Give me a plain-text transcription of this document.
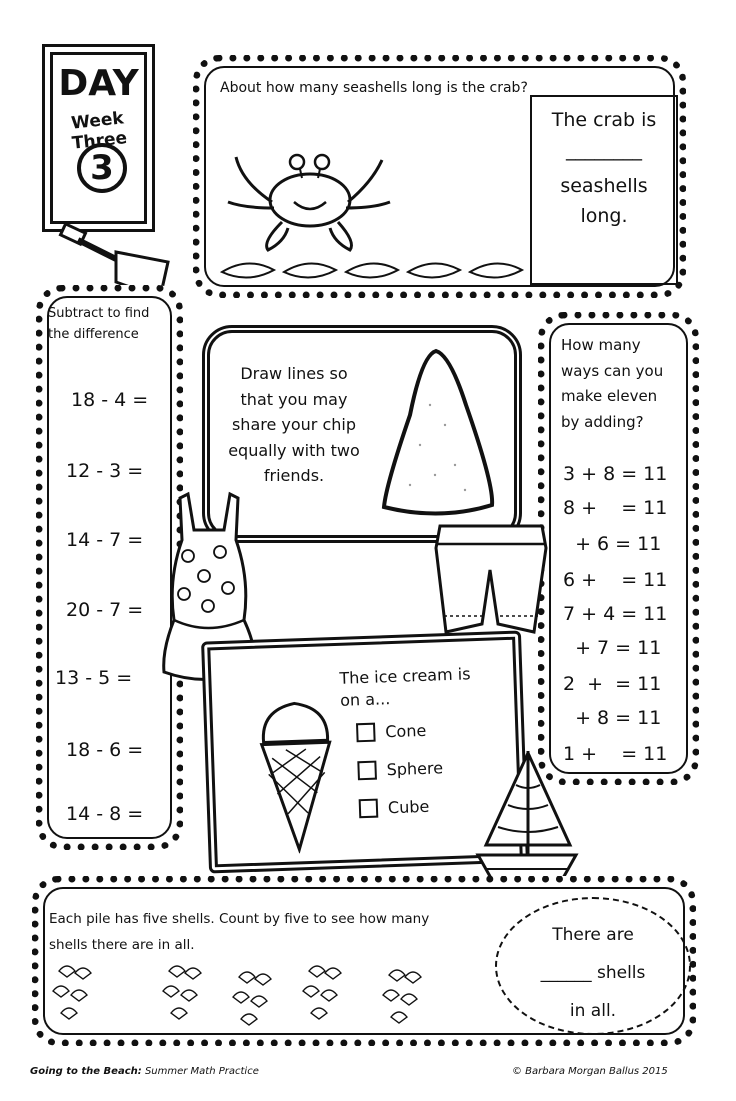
DAY
Week Three
3
About how many seashells long is the crab?
The crab is
________
seashells
long.
Subtract to find
the difference
18 - 4 =
12 - 3 =
14 - 7 =
20 - 7 =
13 - 5 =
18 - 6 =
14 - 8 =
Draw lines so
that you may
share your chip
equally with two
friends.
How many
ways can you
make eleven
by adding?
3 + 8 = 11
8 +    = 11
+ 6 = 11
6 +    = 11
7 + 4 = 11
+ 7 = 11
2  +  = 11
+ 8 = 11
1 +    = 11
The ice cream is
on a...
Cone
Sphere
Cube
Each pile has five shells. Count by five to see how many
shells there are in all.	There are
______ shells
in all.
Going to the Beach: Summer Math Practice	© Barbara Morgan Ballus 2015
